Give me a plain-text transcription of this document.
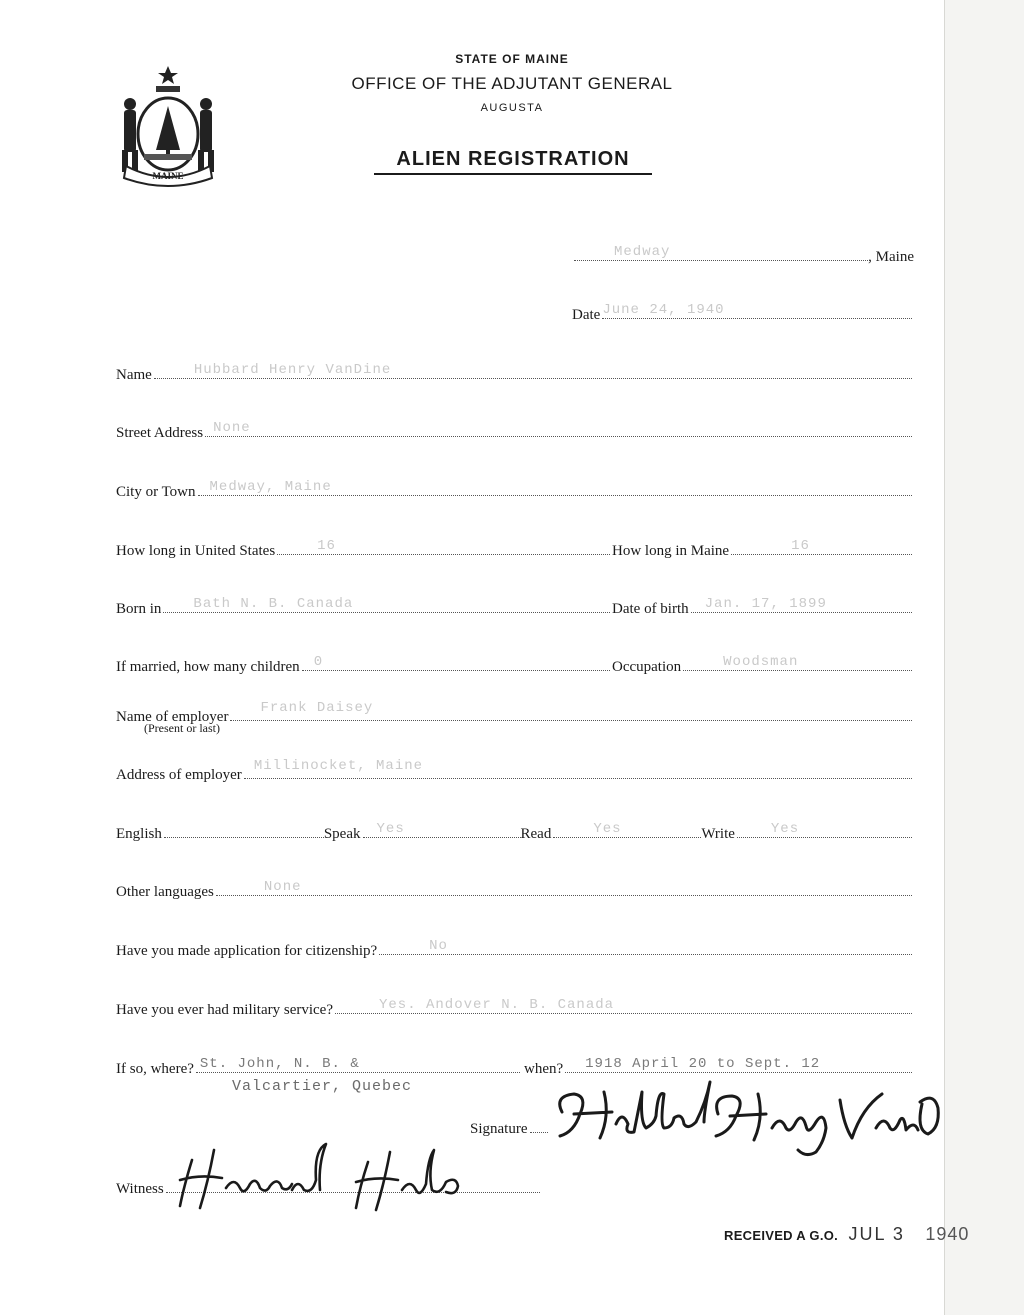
MAINE
STATE OF MAINE
OFFICE OF THE ADJUTANT GENERAL
AUGUSTA
ALIEN REGISTRATION
Medway	, Maine
Date June 24, 1940
Name	Hubbard Henry VanDine
Street Address None
City or Town Medway, Maine
How long in United States	16	How long in Maine	16
Born in Bath N. B. Canada	Date of birth Jan. 17, 1899
If married, how many children 0	Occupation	Woodsman
Name of employer
Frank Daisey
(Present or last)
Address of employer
Millinocket, Maine
English	Speak Yes	Read	Yes	Write	Yes
Other languages	None
Have you made application for citizenship?	No
Have you ever had military service?	Yes. Andover N. B. Canada
If so, where? St. John, N. B. &	when? 1918 April 20 to Sept. 12
Valcartier, Quebec
Signature
Witness
RECEIVED A G.O. JUL 3 1940
